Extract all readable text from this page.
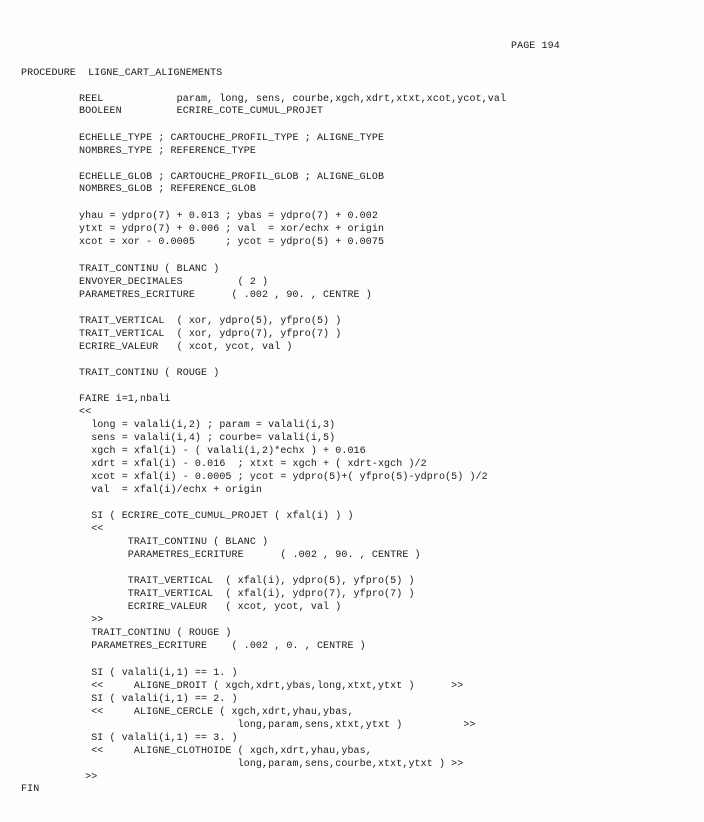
PAGE 194

PROCEDURE  LIGNE_CART_ALIGNEMENTS

REEL            param, long, sens, courbe,xgch,xdrt,xtxt,xcot,ycot,val

BOOLEEN         ECRIRE_COTE_CUMUL_PROJET

ECHELLE_TYPE ; CARTOUCHE_PROFIL_TYPE ; ALIGNE_TYPE

NOMBRES_TYPE ; REFERENCE_TYPE

ECHELLE_GLOB ; CARTOUCHE_PROFIL_GLOB ; ALIGNE_GLOB

NOMBRES_GLOB ; REFERENCE_GLOB

yhau = ydpro(7) + 0.013 ; ybas = ydpro(7) + 0.002

ytxt = ydpro(7) + 0.006 ; val  = xor/echx + origin

xcot = xor - 0.0005     ; ycot = ydpro(5) + 0.0075

TRAIT_CONTINU ( BLANC )

ENVOYER_DECIMALES         ( 2 )

PARAMETRES_ECRITURE      ( .002 , 90. , CENTRE )

TRAIT_VERTICAL  ( xor, ydpro(5), yfpro(5) )

TRAIT_VERTICAL  ( xor, ydpro(7), yfpro(7) )

ECRIRE_VALEUR   ( xcot, ycot, val )

TRAIT_CONTINU ( ROUGE )

FAIRE i=1,nbali

<<

long = valali(i,2) ; param = valali(i,3)

sens = valali(i,4) ; courbe= valali(i,5)

xgch = xfal(i) - ( valali(i,2)*echx ) + 0.016

xdrt = xfal(i) - 0.016  ; xtxt = xgch + ( xdrt-xgch )/2

xcot = xfal(i) - 0.0005 ; ycot = ydpro(5)+( yfpro(5)-ydpro(5) )/2

val  = xfal(i)/echx + origin

SI ( ECRIRE_COTE_CUMUL_PROJET ( xfal(i) ) )

<<

TRAIT_CONTINU ( BLANC )

PARAMETRES_ECRITURE      ( .002 , 90. , CENTRE )

TRAIT_VERTICAL  ( xfal(i), ydpro(5), yfpro(5) )

TRAIT_VERTICAL  ( xfal(i), ydpro(7), yfpro(7) )

ECRIRE_VALEUR   ( xcot, ycot, val )

>>

TRAIT_CONTINU ( ROUGE )

PARAMETRES_ECRITURE    ( .002 , 0. , CENTRE )

SI ( valali(i,1) == 1. )

<<     ALIGNE_DROIT ( xgch,xdrt,ybas,long,xtxt,ytxt )      >>

SI ( valali(i,1) == 2. )

<<     ALIGNE_CERCLE ( xgch,xdrt,yhau,ybas,

long,param,sens,xtxt,ytxt )          >>

SI ( valali(i,1) == 3. )

<<     ALIGNE_CLOTHOIDE ( xgch,xdrt,yhau,ybas,

long,param,sens,courbe,xtxt,ytxt ) >>

>>

FIN
